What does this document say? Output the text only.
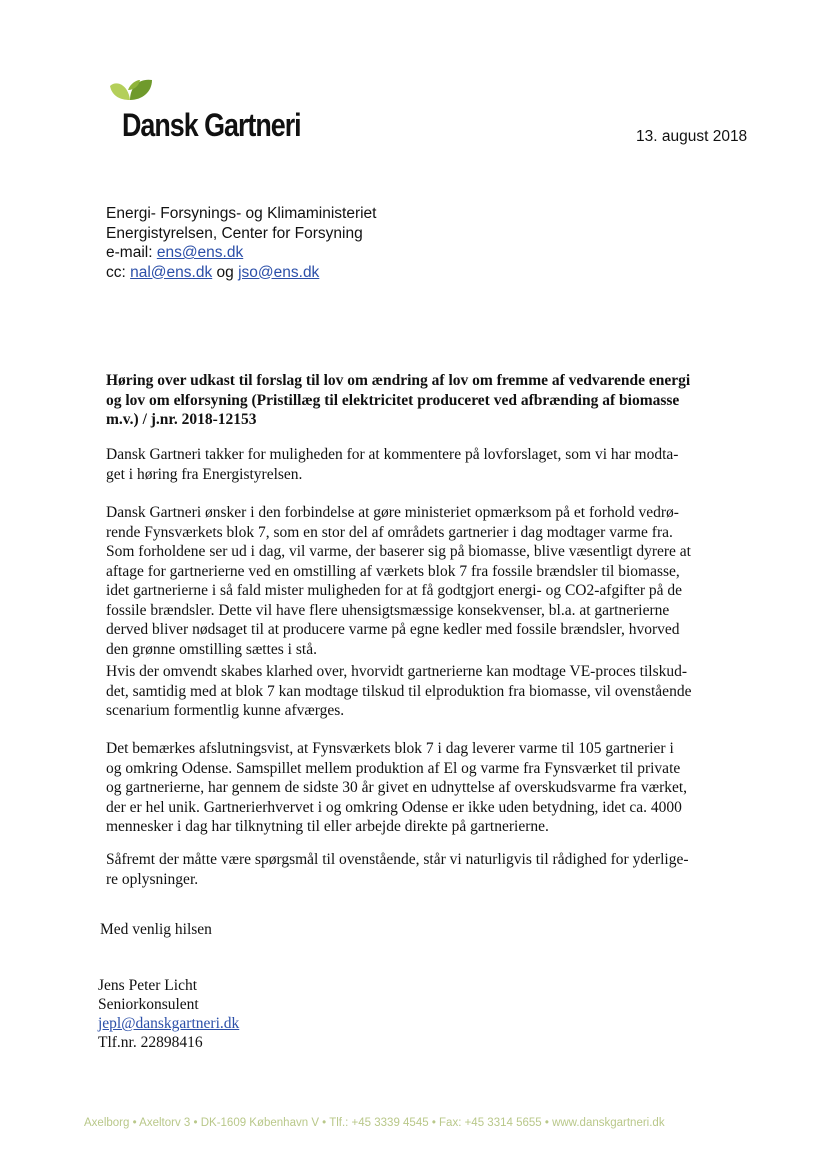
Dansk Gartneri	13. august 2018
Energi- Forsynings- og Klimaministeriet
Energistyrelsen, Center for Forsyning
e-mail: ens@ens.dk
cc: nal@ens.dk og jso@ens.dk
Høring over udkast til forslag til lov om ændring af lov om fremme af vedvarende energi
og lov om elforsyning (Pristillæg til elektricitet produceret ved afbrænding af biomasse
m.v.) / j.nr. 2018-12153
Dansk Gartneri takker for muligheden for at kommentere på lovforslaget, som vi har modta-
get i høring fra Energistyrelsen.
Dansk Gartneri ønsker i den forbindelse at gøre ministeriet opmærksom på et forhold vedrø-
rende Fynsværkets blok 7, som en stor del af områdets gartnerier i dag modtager varme fra.
Som forholdene ser ud i dag, vil varme, der baserer sig på biomasse, blive væsentligt dyrere at
aftage for gartnerierne ved en omstilling af værkets blok 7 fra fossile brændsler til biomasse,
idet gartnerierne i så fald mister muligheden for at få godtgjort energi- og CO2-afgifter på de
fossile brændsler. Dette vil have flere uhensigtsmæssige konsekvenser, bl.a. at gartnerierne
derved bliver nødsaget til at producere varme på egne kedler med fossile brændsler, hvorved
den grønne omstilling sættes i stå.
Hvis der omvendt skabes klarhed over, hvorvidt gartnerierne kan modtage VE-proces tilskud-
det, samtidig med at blok 7 kan modtage tilskud til elproduktion fra biomasse, vil ovenstående
scenarium formentlig kunne afværges.
Det bemærkes afslutningsvist, at Fynsværkets blok 7 i dag leverer varme til 105 gartnerier i
og omkring Odense. Samspillet mellem produktion af El og varme fra Fynsværket til private
og gartnerierne, har gennem de sidste 30 år givet en udnyttelse af overskudsvarme fra værket,
der er hel unik. Gartnerierhvervet i og omkring Odense er ikke uden betydning, idet ca. 4000
mennesker i dag har tilknytning til eller arbejde direkte på gartnerierne.
Såfremt der måtte være spørgsmål til ovenstående, står vi naturligvis til rådighed for yderlige-
re oplysninger.
Med venlig hilsen
Jens Peter Licht
Seniorkonsulent
jepl@danskgartneri.dk
Tlf.nr. 22898416
Axelborg • Axeltorv 3 • DK-1609 København V • Tlf.: +45 3339 4545 • Fax: +45 3314 5655 • www.danskgartneri.dk
